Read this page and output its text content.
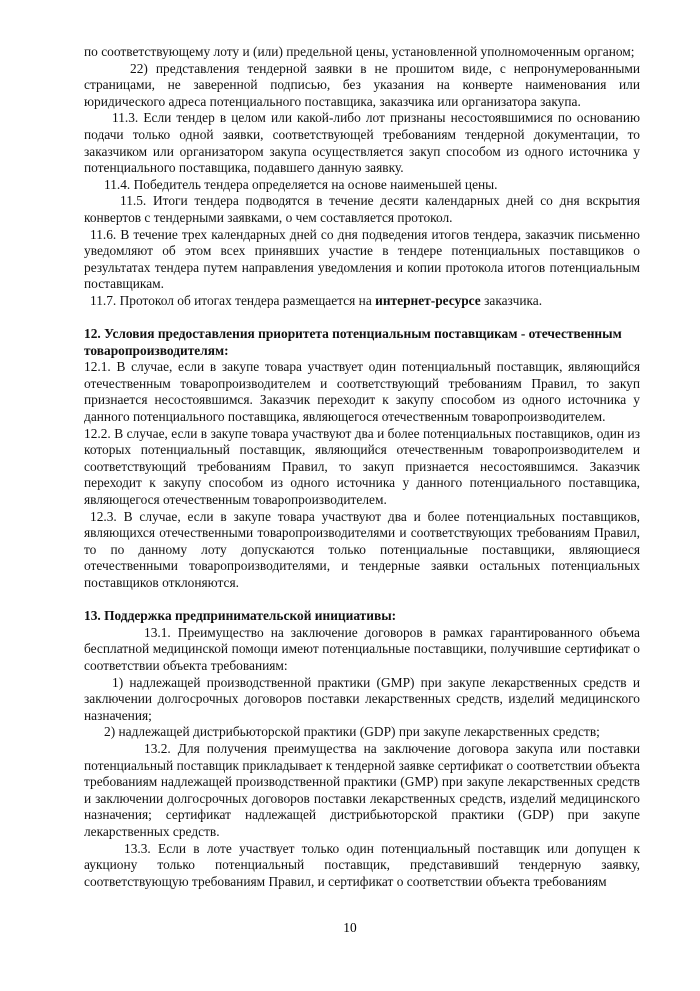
по соответствующему лоту и (или) предельной цены, установленной уполномоченным органом;

22) представления тендерной заявки в не прошитом виде, с непронумерованными страницами, не заверенной подписью, без указания на конверте наименования или юридического адреса потенциального поставщика, заказчика или организатора закупа.

11.3. Если тендер в целом или какой-либо лот признаны несостоявшимися по основанию подачи только одной заявки, соответствующей требованиям тендерной документации, то заказчиком или организатором закупа осуществляется закуп способом из одного источника у потенциального поставщика, подавшего данную заявку.

11.4. Победитель тендера определяется на основе наименьшей цены.

11.5. Итоги тендера подводятся в течение десяти календарных дней со дня вскрытия конвертов с тендерными заявками, о чем составляется протокол.

11.6. В течение трех календарных дней со дня подведения итогов тендера, заказчик письменно уведомляют об этом всех принявших участие в тендере потенциальных поставщиков о результатах тендера путем направления уведомления и копии протокола итогов потенциальным поставщикам.

11.7. Протокол об итогах тендера размещается на интернет-ресурсе заказчика.

12. Условия предоставления приоритета потенциальным поставщикам - отечественным товаропроизводителям:

12.1. В случае, если в закупе товара участвует один потенциальный поставщик, являющийся отечественным товаропроизводителем и соответствующий требованиям Правил, то закуп признается несостоявшимся. Заказчик переходит к закупу способом из одного источника у данного потенциального поставщика, являющегося отечественным товаропроизводителем.

12.2. В случае, если в закупе товара участвуют два и более потенциальных поставщиков, один из которых потенциальный поставщик, являющийся отечественным товаропроизводителем и соответствующий требованиям Правил, то закуп признается несостоявшимся. Заказчик переходит к закупу способом из одного источника у данного потенциального поставщика, являющегося отечественным товаропроизводителем.

12.3. В случае, если в закупе товара участвуют два и более потенциальных поставщиков, являющихся отечественными товаропроизводителями и соответствующих требованиям Правил, то по данному лоту допускаются только потенциальные поставщики, являющиеся отечественными товаропроизводителями, и тендерные заявки остальных потенциальных поставщиков отклоняются.

13. Поддержка предпринимательской инициативы:

13.1. Преимущество на заключение договоров в рамках гарантированного объема бесплатной медицинской помощи имеют потенциальные поставщики, получившие сертификат о соответствии объекта требованиям:

1) надлежащей производственной практики (GMP) при закупе лекарственных средств и заключении долгосрочных договоров поставки лекарственных средств, изделий медицинского назначения;

2) надлежащей дистрибьюторской практики (GDP) при закупе лекарственных средств;

13.2. Для получения преимущества на заключение договора закупа или поставки потенциальный поставщик прикладывает к тендерной заявке сертификат о соответствии объекта требованиям надлежащей производственной практики (GMP) при закупе лекарственных средств и заключении долгосрочных договоров поставки лекарственных средств, изделий медицинского назначения; сертификат надлежащей дистрибьюторской практики (GDP) при закупе лекарственных средств.

13.3. Если в лоте участвует только один потенциальный поставщик или допущен к аукциону только потенциальный поставщик, представивший тендерную заявку, соответствующую требованиям Правил, и сертификат о соответствии объекта требованиям

10
